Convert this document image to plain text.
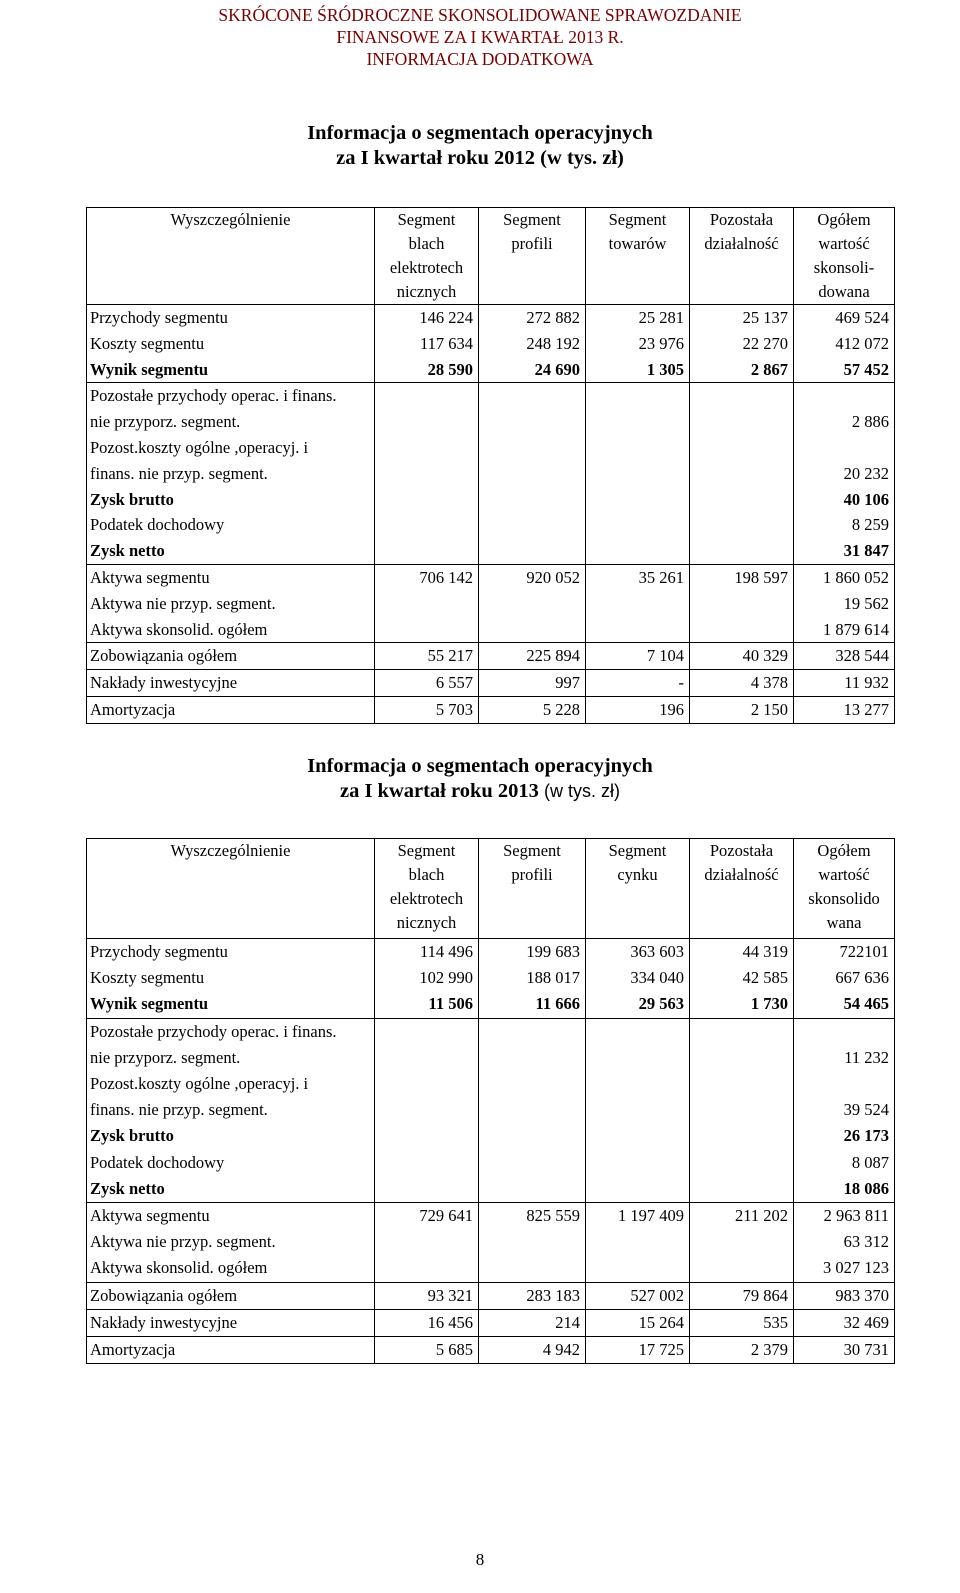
SKRÓCONE ŚRÓDROCZNE SKONSOLIDOWANE SPRAWOZDANIE
FINANSOWE ZA I KWARTAŁ 2013 R.
INFORMACJA DODATKOWA
Informacja o segmentach operacyjnych
za I kwartał roku 2012 (w tys. zł)
Wyszczególnienie	Segment blach elektrotech nicznych	Segment profili	Segment towarów	Pozostała działalność	Ogółem wartość skonsoli-dowana

Przychody segmentu	146 224	272 882	25 281	25 137	469 524
Koszty segmentu	117 634	248 192	23 976	22 270	412 072
Wynik segmentu	28 590	24 690	1 305	2 867	57 452
Pozostałe przychody operac. i finans. nie przyporz. segment.					2 886
Pozost.koszty ogólne ,operacyj. i finans. nie przyp. segment.					20 232
Zysk brutto					40 106
Podatek dochodowy					8 259
Zysk netto					31 847
Aktywa segmentu	706 142	920 052	35 261	198 597	1 860 052
Aktywa nie przyp. segment.					19 562
Aktywa skonsolid. ogółem					1 879 614
Zobowiązania ogółem	55 217	225 894	7 104	40 329	328 544
Nakłady inwestycyjne	6 557	997	-	4 378	11 932
Amortyzacja	5 703	5 228	196	2 150	13 277
Informacja o segmentach operacyjnych
za I kwartał roku 2013 (w tys. zł)
Wyszczególnienie	Segment blach elektrotech nicznych	Segment profili	Segment cynku	Pozostała działalność	Ogółem wartość skonsolido wana

Przychody segmentu	114 496	199 683	363 603	44 319	722101
Koszty segmentu	102 990	188 017	334 040	42 585	667 636
Wynik segmentu	11 506	11 666	29 563	1 730	54 465
Pozostałe przychody operac. i finans. nie przyporz. segment.					11 232
Pozost.koszty ogólne ,operacyj. i finans. nie przyp. segment.					39 524
Zysk brutto					26 173
Podatek dochodowy					8 087
Zysk netto					18 086
Aktywa segmentu	729 641	825 559	1 197 409	211 202	2 963 811
Aktywa nie przyp. segment.					63 312
Aktywa skonsolid. ogółem					3 027 123
Zobowiązania ogółem	93 321	283 183	527 002	79 864	983 370
Nakłady inwestycyjne	16 456	214	15 264	535	32 469
Amortyzacja	5 685	4 942	17 725	2 379	30 731
8
